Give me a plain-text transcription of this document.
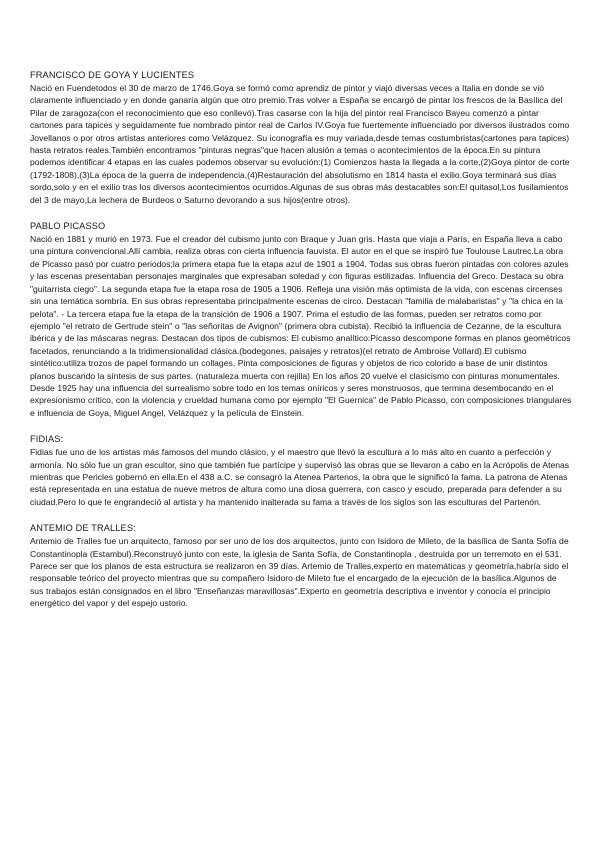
FRANCISCO DE GOYA Y LUCIENTES

Nació en Fuendetodos el 30 de marzo de 1746.Goya se formó como aprendiz de pintor y viajó diversas veces a Italia en donde se vió claramente influenciado y en donde ganaría algún que otro premio.Tras volver a España se encargó de pintar los frescos de la Basílica del Pilar de zaragoza(con el reconocimiento que eso conllevó).Tras casarse con la hija del pintor real Francisco Bayeu comenzó a pintar cartones para tapices y seguidamente fue nombrado pintor real de Carlos IV.Goya fue fuertemente influenciado por diversos ilustrados como Jovellanos o por otros artistas anteriores como Velázquez. Su iconografía es muy variada,desde temas costumbristas(cartones para tapices) hasta retratos reales.También encontramos "pinturas negras"que hacen alusión a temas o acontecimientos de la época.En su pintura podemos identificar 4 etapas en las cuales podemos observar su evolución:(1) Comienzos hasta la llegada a la corte,(2)Goya pintor de corte (1792-1808),(3)La época de la guerra de independencia,(4)Restauración del absolutismo en 1814 hasta el exilio.Goya terminará sus días sordo,solo y en el exilio tras los diversos acontecimientos ocurridos.Algunas de sus obras más destacables son:El quitasol,Los fusilamientos del 3 de mayo,La lechera de Burdeos o Saturno devorando a sus hijos(entre otros).

PABLO PICASSO

Nació en 1881 y murió en 1973. Fue el creador del cubismo junto con Braque y Juan gris. Hasta que viaja a París, en España lleva a cabo una pintura convencional.Allí cambia, realiza obras con cierta influencia fauvista. El autor en el que se inspiró fue Toulouse Lautrec.La obra de Picasso pasó por cuatro periodos;la primera etapa fue la etapa azul de 1901 a 1904. Todas sus obras fueron pintadas con colores azules y las escenas presentaban personajes marginales que expresaban soledad y con figuras estilizadas. Influencia del Greco. Destaca su obra "guitarrista ciego". La segunda etapa fue la etapa rosa de 1905 a 1906. Refleja una visión más optimista de la vida, con escenas circenses sin una temática sombría. En sus obras representaba principalmente escenas de circo. Destacan "familia de malabaristas" y "la chica en la pelota". - La tercera etapa fue la etapa de la transición de 1906 a 1907. Prima el estudio de las formas, pueden ser retratos como por ejemplo "el retrato de Gertrude stein" o "las señoritas de Avignon" (primera obra cubista). Recibió la influencia de Cezanne, de la escultura ibérica y de las máscaras negras. Destacan dos tipos de cubismos: El cubismo analítico:Picasso descompone formas en planos geométricos facetados, renunciando a la tridimensionalidad clásica.(bodegones, paisajes y retratos)(el retrato de Ambroise Vollard).El cubismo sintético:utiliza trozos de papel formando un collages. Pinta composiciones de figuras y objetos de rico colorido a base de unir distintos planos buscando la síntesis de sus partes. (naturaleza muerta con rejilla) En los años 20 vuelve el clasicismo con pinturas monumentales. Desde 1925 hay una influencia del surrealismo sobre todo en los temas oníricos y seres monstruosos, que termina desembocando en el expresionismo crítico, con la violencia y crueldad humana como por ejemplo "El Guernica" de Pablo Picasso, con composiciones triangulares e influencia de Goya, Miguel Angel, Velázquez y la película de Einstein.

FIDIAS:

Fidias fue uno de los artistas más famosos del mundo clásico, y el maestro que llevó la escultura a lo más alto en cuanto a perfección y armonía. No sólo fue un gran escultor, sino que también fue partícipe y supervisó las obras que se llevaron a cabo en la Acrópolis de Atenas mientras que Pericles gobernó en ella.En el 438 a.C. se consagró la Atenea Partenos, la obra que le significó la fama. La patrona de Atenas está representada en una estatua de nueve metros de altura como una diosa guerrera, con casco y escudo, preparada para defender a su ciudad.Pero lo que le engrandeció al artista y ha mantenido inalterada su fama a través de los siglos son las esculturas del Partenón.

ANTEMIO DE TRALLES:

Antemio de Tralles fue un arquitecto, famoso por ser uno de los dos arquitectos, junto con Isidoro de Mileto, de la basílica de Santa Sofía de Constantinopla (Estambul).Reconstruyó junto con este, la iglesia de Santa Sofía, de Constantinopla , destruida por un terremoto en el 531. Parece ser que los planos de esta estructura se realizaron en 39 días. Artemio de Tralles,experto en matemáticas y geometría,habría sido el responsable teórico del proyecto mientras que su compañero Isidoro de Mileto fue el encargado de la ejecución de la basílica.Algunos de sus trabajos están consignados en el libro "Enseñanzas maravillosas".Experto en geometría descriptiva e inventor y conocía el principio energético del vapor y del espejo ustorio.
